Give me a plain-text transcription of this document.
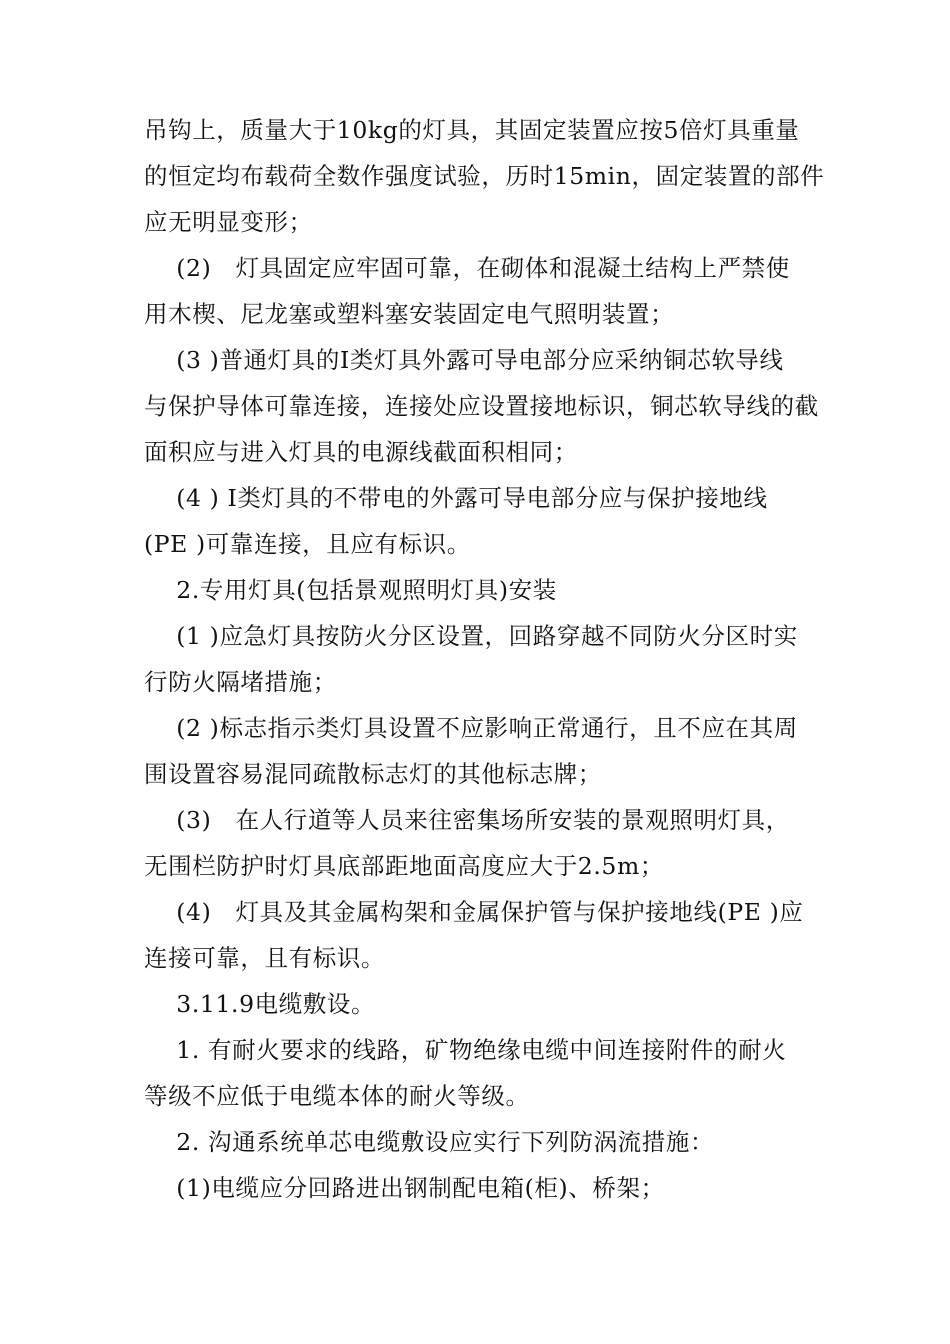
吊钩上，质量大于10kg的灯具，其固定装置应按5倍灯具重量

的恒定均布载荷全数作强度试验，历时15min，固定装置的部件

应无明显变形；

(2)   灯具固定应牢固可靠，在砌体和混凝土结构上严禁使

用木楔、尼龙塞或塑料塞安装固定电气照明装置；

(3 )普通灯具的Ⅰ类灯具外露可导电部分应采纳铜芯软导线

与保护导体可靠连接，连接处应设置接地标识，铜芯软导线的截

面积应与进入灯具的电源线截面积相同；

(4 ) Ⅰ类灯具的不带电的外露可导电部分应与保护接地线

(PE )可靠连接，且应有标识。

2.专用灯具(包括景观照明灯具)安装

(1 )应急灯具按防火分区设置，回路穿越不同防火分区时实

行防火隔堵措施；

(2 )标志指示类灯具设置不应影响正常通行，且不应在其周

围设置容易混同疏散标志灯的其他标志牌；

(3)   在人行道等人员来往密集场所安装的景观照明灯具，

无围栏防护时灯具底部距地面高度应大于2.5m；

(4)   灯具及其金属构架和金属保护管与保护接地线(PE )应

连接可靠，且有标识。

3.11.9电缆敷设。

1. 有耐火要求的线路，矿物绝缘电缆中间连接附件的耐火

等级不应低于电缆本体的耐火等级。

2. 沟通系统单芯电缆敷设应实行下列防涡流措施：

(1)电缆应分回路进出钢制配电箱(柜)、桥架；
